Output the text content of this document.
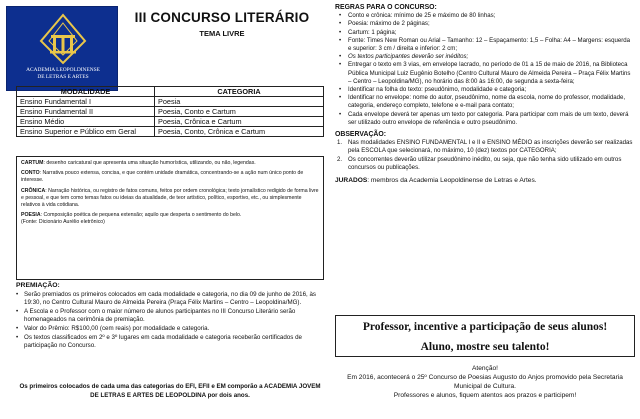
ACADEMIA LEOPOLDINENSE
DE LETRAS E ARTES
III CONCURSO LITERÁRIO
TEMA LIVRE
MODALIDADE	CATEGORIA
Ensino Fundamental I	Poesia
Ensino Fundamental II	Poesia, Conto e Cartum
Ensino Médio	Poesia, Crônica e Cartum
Ensino Superior e Público em Geral	Poesia, Conto, Crônica e Cartum

CARTUM: desenho caricatural que apresenta uma situação humorística, utilizando, ou não, legendas.

CONTO: Narrativa pouco extensa, concisa, e que contém unidade dramática, concentrando-se a ação num único ponto de interesse.

CRÔNICA: Narração histórica, ou registro de fatos comuns, feitos por ordem cronológica; texto jornalístico redigido de forma livre e pessoal, e que tem como temas fatos ou ideias da atualidade, de teor artístico, político, esportivo, etc., ou simplesmente relativos à vida cotidiana.

POESIA: Composição poética de pequena extensão; aquilo que desperta o sentimento do belo.

(Fonte: Dicionário Aurélio eletrônico)

PREMIAÇÃO:
• Serão premiados os primeiros colocados em cada modalidade e categoria, no dia 09 de junho de 2016, às 19:30, no Centro Cultural Mauro de Almeida Pereira (Praça Félix Martins – Centro – Leopoldina/MG).
• A Escola e o Professor com o maior número de alunos participantes no III Concurso Literário serão homenageados na cerimônia de premiação.
• Valor do Prêmio: R$100,00 (cem reais) por modalidade e categoria.
• Os textos classificados em 2º e 3º lugares em cada modalidade e categoria receberão certificados de participação no Concurso.
Os primeiros colocados de cada uma das categorias do EFI, EFII e EM comporão a ACADEMIA JOVEM DE LETRAS E ARTES DE LEOPOLDINA por dois anos.
REGRAS PARA O CONCURSO:
• Conto e crônica: mínimo de 25 e máximo de 80 linhas;
• Poesia: máximo de 2 páginas;
• Cartum: 1 página;
• Fonte: Times New Roman ou Arial – Tamanho: 12 – Espaçamento: 1,5 – Folha: A4 – Margens: esquerda e superior: 3 cm / direita e inferior: 2 cm;
• Os textos participantes deverão ser inéditos;
• Entregar o texto em 3 vias, em envelope lacrado, no período de 01 a 15 de maio de 2016, na Biblioteca Pública Municipal Luiz Eugênio Botelho (Centro Cultural Mauro de Almeida Pereira – Praça Félix Martins – Centro – Leopoldina/MG), no horário das 8:00 às 16:00, de segunda a sexta-feira;
• Identificar na folha do texto: pseudônimo, modalidade e categoria;
• Identificar no envelope: nome do autor, pseudônimo, nome da escola, nome do professor, modalidade, categoria, endereço completo, telefone e e-mail para contato;
• Cada envelope deverá ter apenas um texto por categoria. Para participar com mais de um texto, deverá ser utilizado outro envelope de referência e outro pseudônimo.
OBSERVAÇÃO:
Nas modalidades ENSINO FUNDAMENTAL I e II e ENSINO MÉDIO as inscrições deverão ser realizadas pela ESCOLA que selecionará, no máximo, 10 (dez) textos por CATEGORIA;
Os concorrentes deverão utilizar pseudônimo inédito, ou seja, que não tenha sido utilizado em outros concursos ou publicações.
JURADOS: membros da Academia Leopoldinense de Letras e Artes.
Professor, incentive a participação de seus alunos!
Aluno, mostre seu talento!
Atenção!
Em 2016, acontecerá o 25º Concurso de Poesias Augusto do Anjos promovido pela Secretaria Municipal de Cultura.
Professores e alunos, fiquem atentos aos prazos e participem!
